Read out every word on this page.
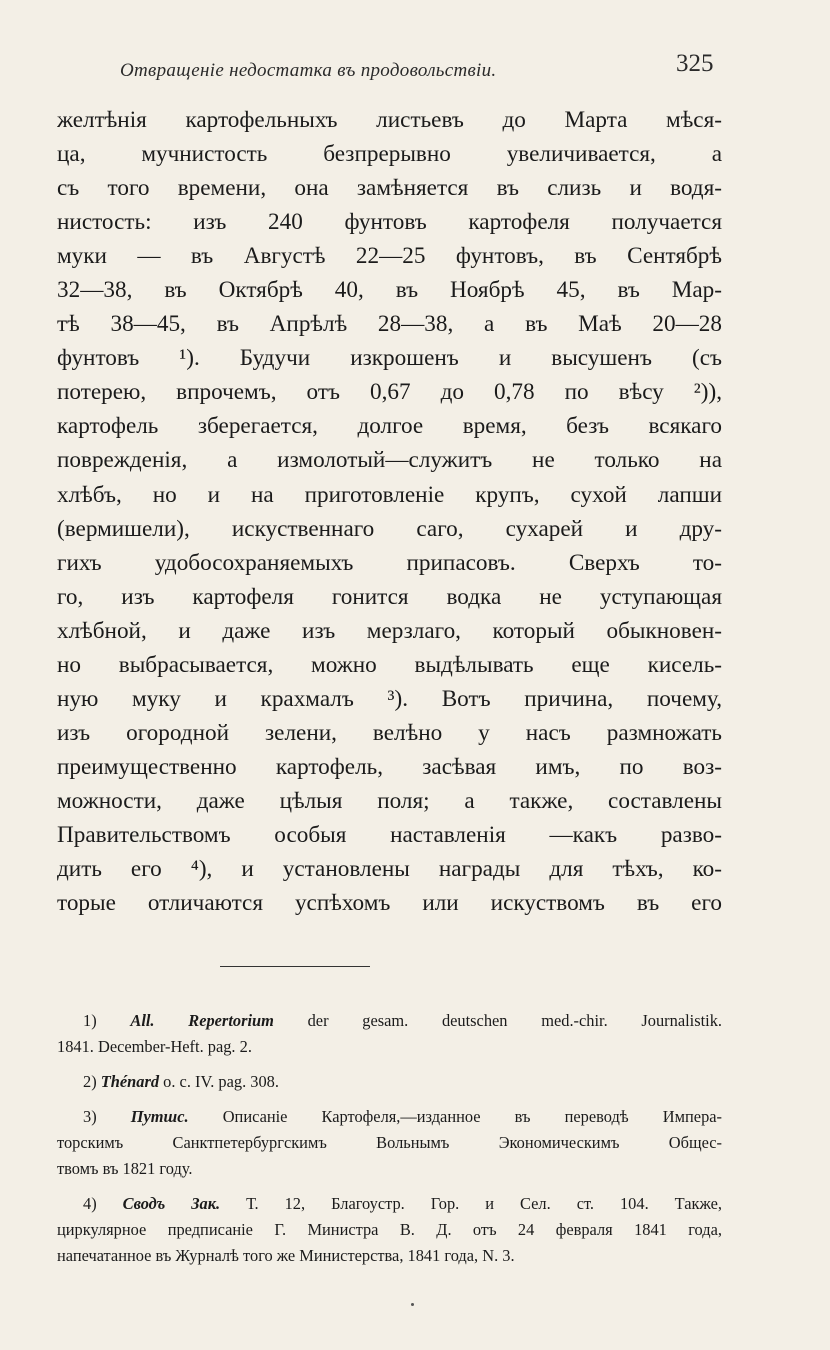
Отвращеніе недостатка въ продовольствіи.	325
желтѣнія картофельныхъ листьевъ до Марта мѣся-
ца, мучнистость безпрерывно увеличивается, а
съ того времени, она замѣняется въ слизь и водя-
нистость: изъ 240 фунтовъ картофеля получается
муки — въ Августѣ 22—25 фунтовъ, въ Сентябрѣ
32—38, въ Октябрѣ 40, въ Ноябрѣ 45, въ Мар-
тѣ 38—45, въ Апрѣлѣ 28—38, а въ Маѣ 20—28
фунтовъ ¹). Будучи изкрошенъ и высушенъ (съ
потерею, впрочемъ, отъ 0,67 до 0,78 по вѣсу ²)),
картофель зберегается, долгое время, безъ всякаго
поврежденія, а измолотый—служитъ не только на
хлѣбъ, но и на приготовленіе крупъ, сухой лапши
(вермишели), искуственнаго саго, сухарей и дру-
гихъ удобосохраняемыхъ припасовъ. Сверхъ то-
го, изъ картофеля гонится водка не уступающая
хлѣбной, и даже изъ мерзлаго, который обыкновен-
но выбрасывается, можно выдѣлывать еще кисель-
ную муку и крахмалъ ³). Вотъ причина, почему,
изъ огородной зелени, велѣно у насъ размножать
преимущественно картофель, засѣвая имъ, по воз-
можности, даже цѣлыя поля; а также, составлены
Правительствомъ особыя наставленія —какъ разво-
дить его ⁴), и установлены награды для тѣхъ, ко-
торые отличаются успѣхомъ или искуствомъ въ его
1) All. Repertorium der gesam. deutschen med.-chir. Journalistik.
1841. December-Heft. pag. 2.
2) Thénard o. c. IV. pag. 308.
3) Путшс. Описаніе Картофеля,—изданное въ переводѣ Импера-
торскимъ Санктпетербургскимъ Вольнымъ Экономическимъ Общес-
твомъ въ 1821 году.
4) Сводъ Зак. Т. 12, Благоустр. Гор. и Сел. ст. 104. Также,
циркулярное предписаніе Г. Министра В. Д. отъ 24 февраля 1841 года,
напечатанное въ Журналѣ того же Министерства, 1841 года, N. 3.
